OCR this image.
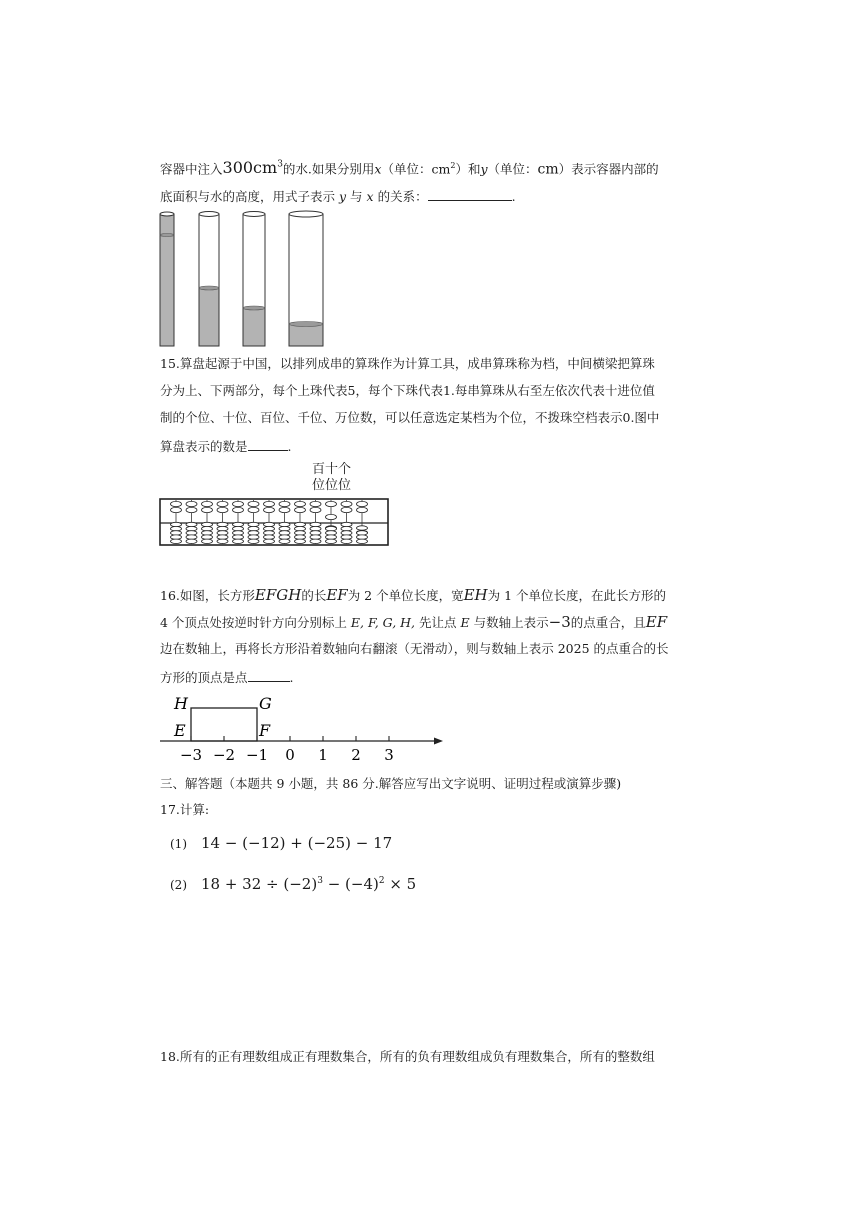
容器中注入$300cm^3$的水.如果分别用x（单位：$cm^2$）和y（单位：cm）表示容器内部的
底面积与水的高度，用式子表示 y 与 x 的关系：	.
15.算盘起源于中国，以排列成串的算珠作为计算工具，成串算珠称为档，中间横梁把算珠
分为上、下两部分，每个上珠代表5，每个下珠代表1.每串算珠从右至左依次代表十进位值
制的个位、十位、百位、千位、万位数，可以任意选定某档为个位，不拨珠空档表示0.图中
算盘表示的数是	.
百十个
位位位
16.如图，长方形EFGH的长EF为 2 个单位长度，宽EH为 1 个单位长度，在此长方形的
4 个顶点处按逆时针方向分别标上 E, F, G, H, 先让点 E 与数轴上表示−3的点重合，且EF
边在数轴上，再将长方形沿着数轴向右翻滚（无滑动），则与数轴上表示 2025 的点重合的长
方形的顶点是点	.
H	G
E	F
−3 −2 −1 0 1 2 3
三、解答题（本题共 9 小题，共 86 分.解答应写出文字说明、证明过程或演算步骤)
17.计算:
(1) 14 − (−12) + (−25) − 17
(2) $18 + 32 \div (-2)^3 - (-4)^2 \times 5$
18.所有的正有理数组成正有理数集合，所有的负有理数组成负有理数集合，所有的整数组
